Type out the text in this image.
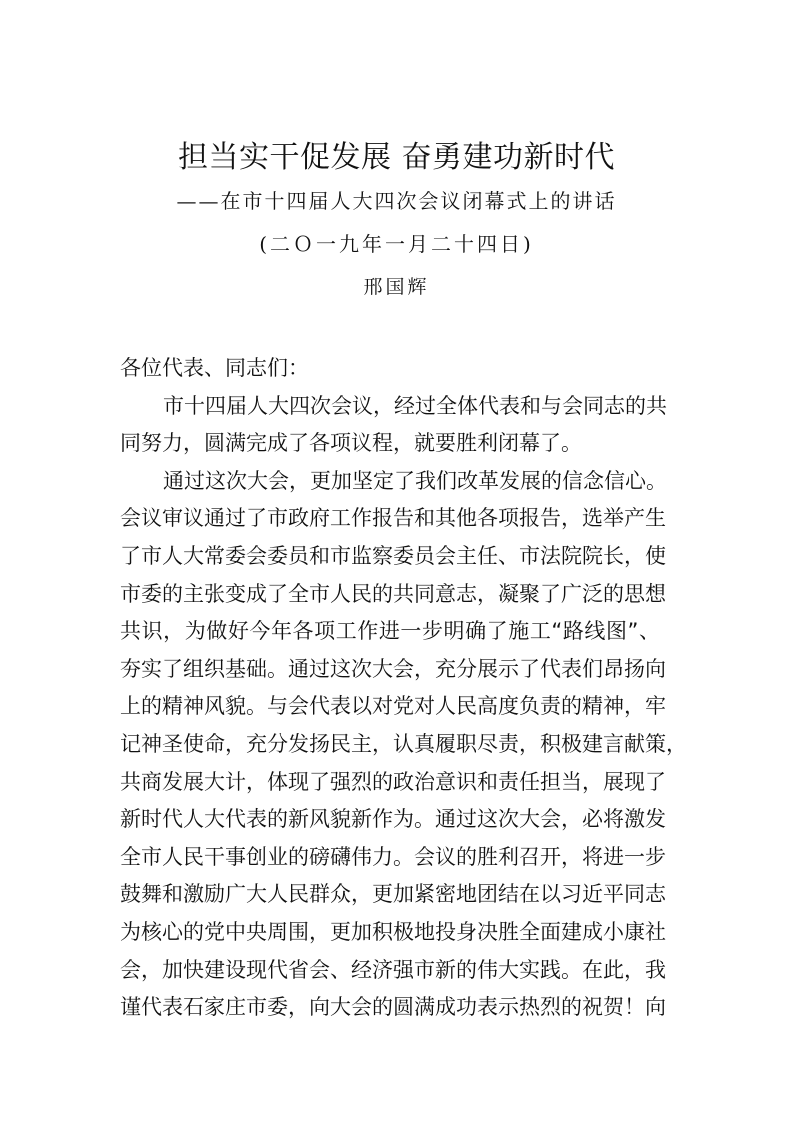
担当实干促发展 奋勇建功新时代
——在市十四届人大四次会议闭幕式上的讲话
(二Ｏ一九年一月二十四日)
邢国辉
各位代表、同志们：
市十四届人大四次会议，经过全体代表和与会同志的共
同努力，圆满完成了各项议程，就要胜利闭幕了。
通过这次大会，更加坚定了我们改革发展的信念信心。
会议审议通过了市政府工作报告和其他各项报告，选举产生
了市人大常委会委员和市监察委员会主任、市法院院长，使
市委的主张变成了全市人民的共同意志，凝聚了广泛的思想
共识，为做好今年各项工作进一步明确了施工“路线图”、
夯实了组织基础。通过这次大会，充分展示了代表们昂扬向
上的精神风貌。与会代表以对党对人民高度负责的精神，牢
记神圣使命，充分发扬民主，认真履职尽责，积极建言献策，
共商发展大计，体现了强烈的政治意识和责任担当，展现了
新时代人大代表的新风貌新作为。通过这次大会，必将激发
全市人民干事创业的磅礴伟力。会议的胜利召开，将进一步
鼓舞和激励广大人民群众，更加紧密地团结在以习近平同志
为核心的党中央周围，更加积极地投身决胜全面建成小康社
会，加快建设现代省会、经济强市新的伟大实践。在此，我
谨代表石家庄市委，向大会的圆满成功表示热烈的祝贺！向
